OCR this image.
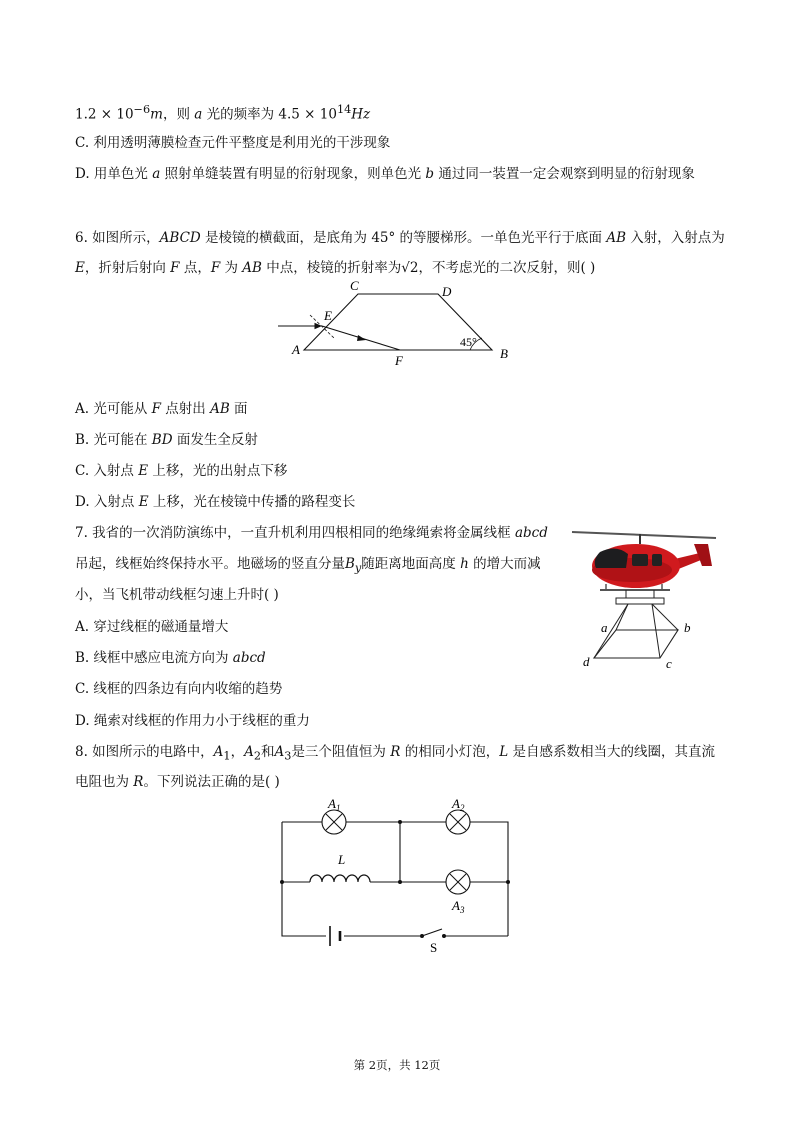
$1.2 \times 10^{-6}m$，则 a 光的频率为 $4.5 \times 10^{14}Hz$
C. 利用透明薄膜检查元件平整度是利用光的干涉现象
D. 用单色光 a 照射单缝装置有明显的衍射现象，则单色光 b 通过同一装置一定会观察到明显的衍射现象
6. 如图所示，ABCD 是棱镜的横截面，是底角为 45° 的等腰梯形。一单色光平行于底面 AB 入射，入射点为
E，折射后射向 F 点，F 为 AB 中点，棱镜的折射率为√2，不考虑光的二次反射，则( )
A	B
C	D
E
F
45°
A. 光可能从 F 点射出 AB 面
B. 光可能在 BD 面发生全反射
C. 入射点 E 上移，光的出射点下移
D. 入射点 E 上移，光在棱镜中传播的路程变长
7. 我省的一次消防演练中，一直升机利用四根相同的绝缘绳索将金属线框 abcd
吊起，线框始终保持水平。地磁场的竖直分量$B_y$随距离地面高度 h 的增大而减
小，当飞机带动线框匀速上升时( )
A. 穿过线框的磁通量增大
B. 线框中感应电流方向为 abcd
C. 线框的四条边有向内收缩的趋势
D. 绳索对线框的作用力小于线框的重力
a	b
c
d
8. 如图所示的电路中，$A_1$，$A_2$和$A_3$是三个阻值恒为 R 的相同小灯泡，L 是自感系数相当大的线圈，其直流
电阻也为 R。下列说法正确的是( )
$A_1$	$A_2$
$A_3$
L
S
第 2页，共 12页
